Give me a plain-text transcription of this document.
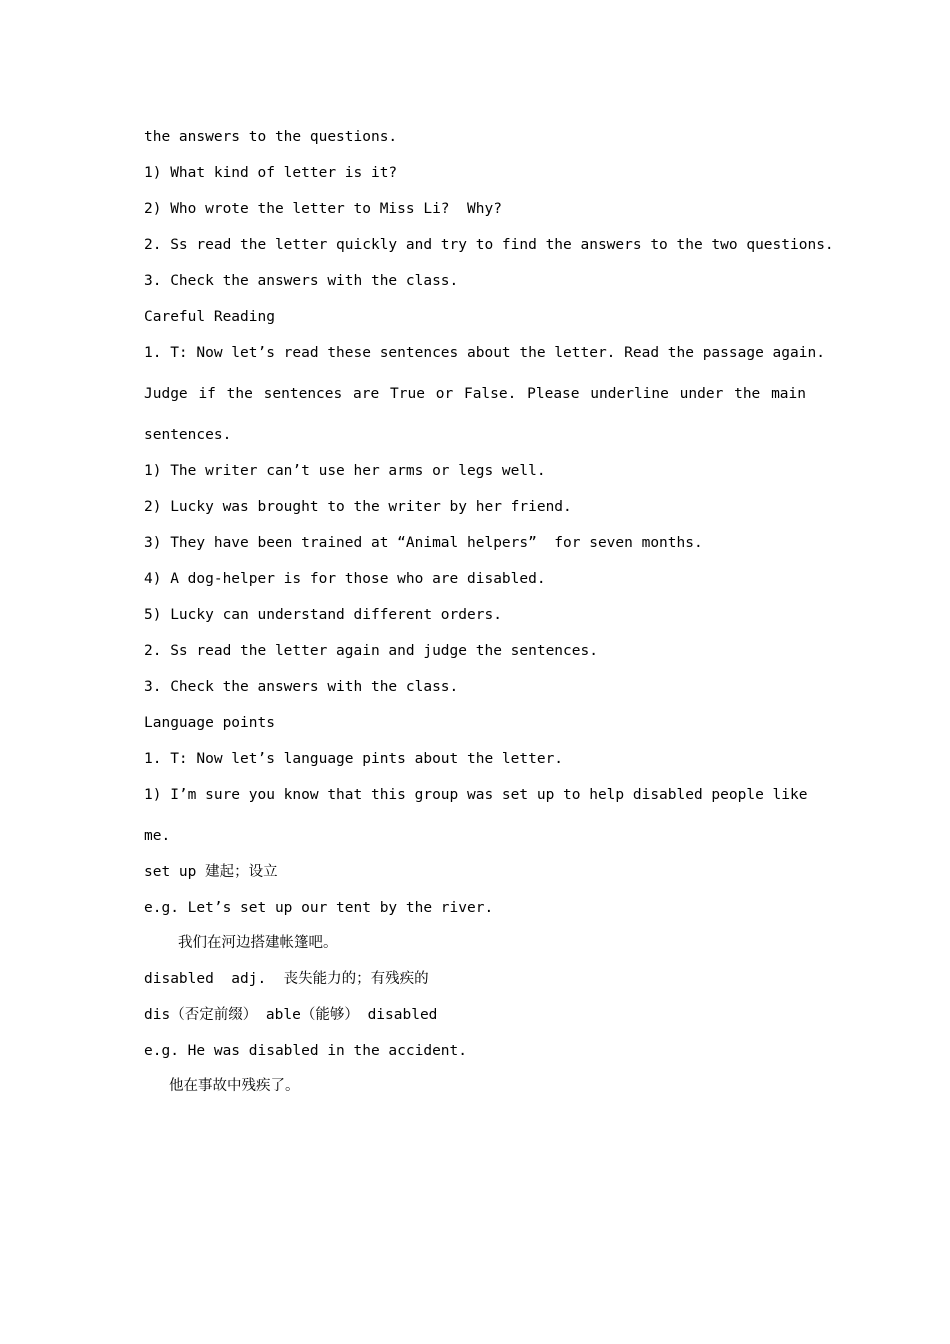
the answers to the questions.

1) What kind of letter is it?

2) Who wrote the letter to Miss Li?  Why?

2. Ss read the letter quickly and try to find the answers to the two questions.

3. Check the answers with the class.

Careful Reading

1. T: Now let’s read these sentences about the letter. Read the passage again.

Judge if the sentences are True or False. Please underline under the main

sentences.

1) The writer can’t use her arms or legs well.

2) Lucky was brought to the writer by her friend.

3) They have been trained at “Animal helpers”  for seven months.

4) A dog-helper is for those who are disabled.

5) Lucky can understand different orders.

2. Ss read the letter again and judge the sentences.

3. Check the answers with the class.

Language points

1. T: Now let’s language pints about the letter.

1) I’m sure you know that this group was set up to help disabled people like

me.

set up 建起；设立

e.g. Let’s set up our tent by the river.

我们在河边搭建帐篷吧。

disabled  adj.  丧失能力的；有残疾的

dis（否定前缀） able（能够） disabled

e.g. He was disabled in the accident.

他在事故中残疾了。
